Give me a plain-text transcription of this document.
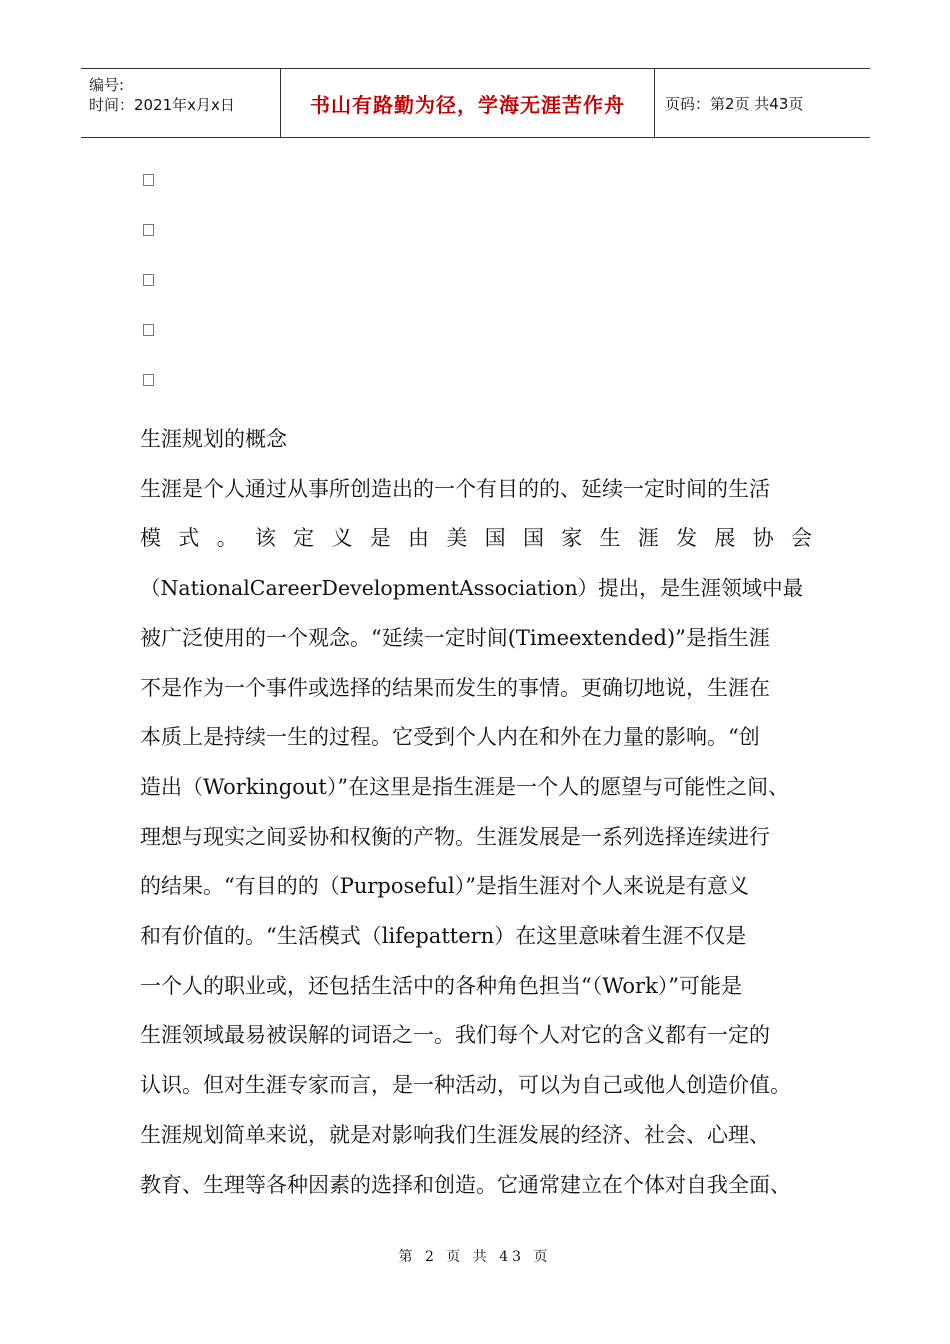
编号:
时间：2021年x月x日	书山有路勤为径，学海无涯苦作舟	页码：第2页 共43页
生涯规划的概念
生涯是个人通过从事所创造出的一个有目的的、延续一定时间的生活
模式。该定义是由美国国家生涯发展协会
（NationalCareerDevelopmentAssociation）提出，是生涯领域中最
被广泛使用的一个观念。“延续一定时间(Timeextended)”是指生涯
不是作为一个事件或选择的结果而发生的事情。更确切地说，生涯在
本质上是持续一生的过程。它受到个人内在和外在力量的影响。“创
造出（Workingout）”在这里是指生涯是一个人的愿望与可能性之间、
理想与现实之间妥协和权衡的产物。生涯发展是一系列选择连续进行
的结果。“有目的的（Purposeful）”是指生涯对个人来说是有意义
和有价值的。“生活模式（lifepattern）在这里意味着生涯不仅是
一个人的职业或，还包括生活中的各种角色担当“（Work）”可能是
生涯领域最易被误解的词语之一。我们每个人对它的含义都有一定的
认识。但对生涯专家而言，是一种活动，可以为自己或他人创造价值。
生涯规划简单来说，就是对影响我们生涯发展的经济、社会、心理、
教育、生理等各种因素的选择和创造。它通常建立在个体对自我全面、
第 2 页 共 43 页
